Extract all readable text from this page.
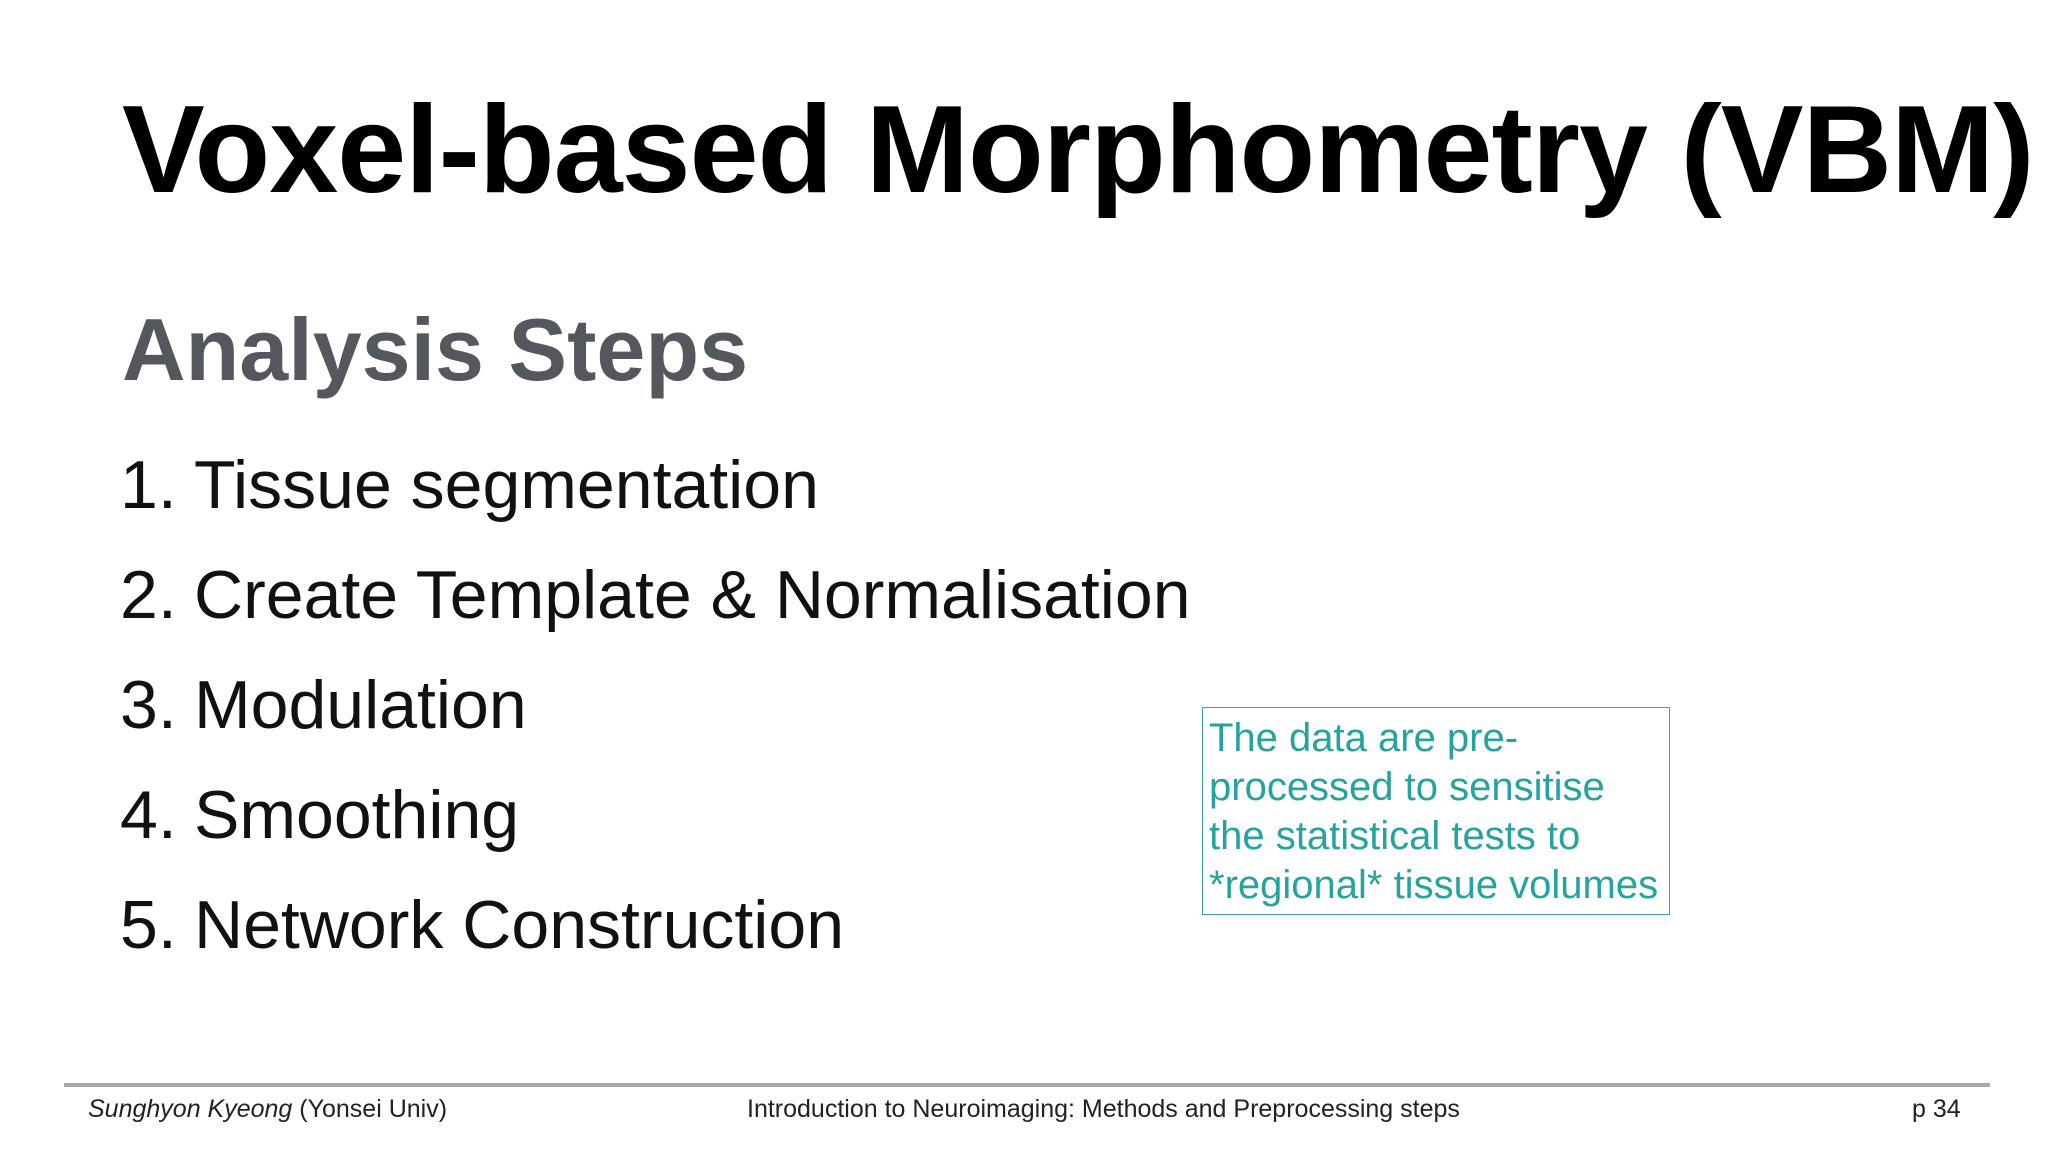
Voxel-based Morphometry (VBM)
Analysis Steps
1. Tissue segmentation
2. Create Template & Normalisation
3. Modulation
4. Smoothing
5. Network Construction
The data are pre-
processed to sensitise
the statistical tests to
*regional* tissue volumes
Sunghyon Kyeong (Yonsei Univ)	Introduction to Neuroimaging: Methods and Preprocessing steps	p 34
